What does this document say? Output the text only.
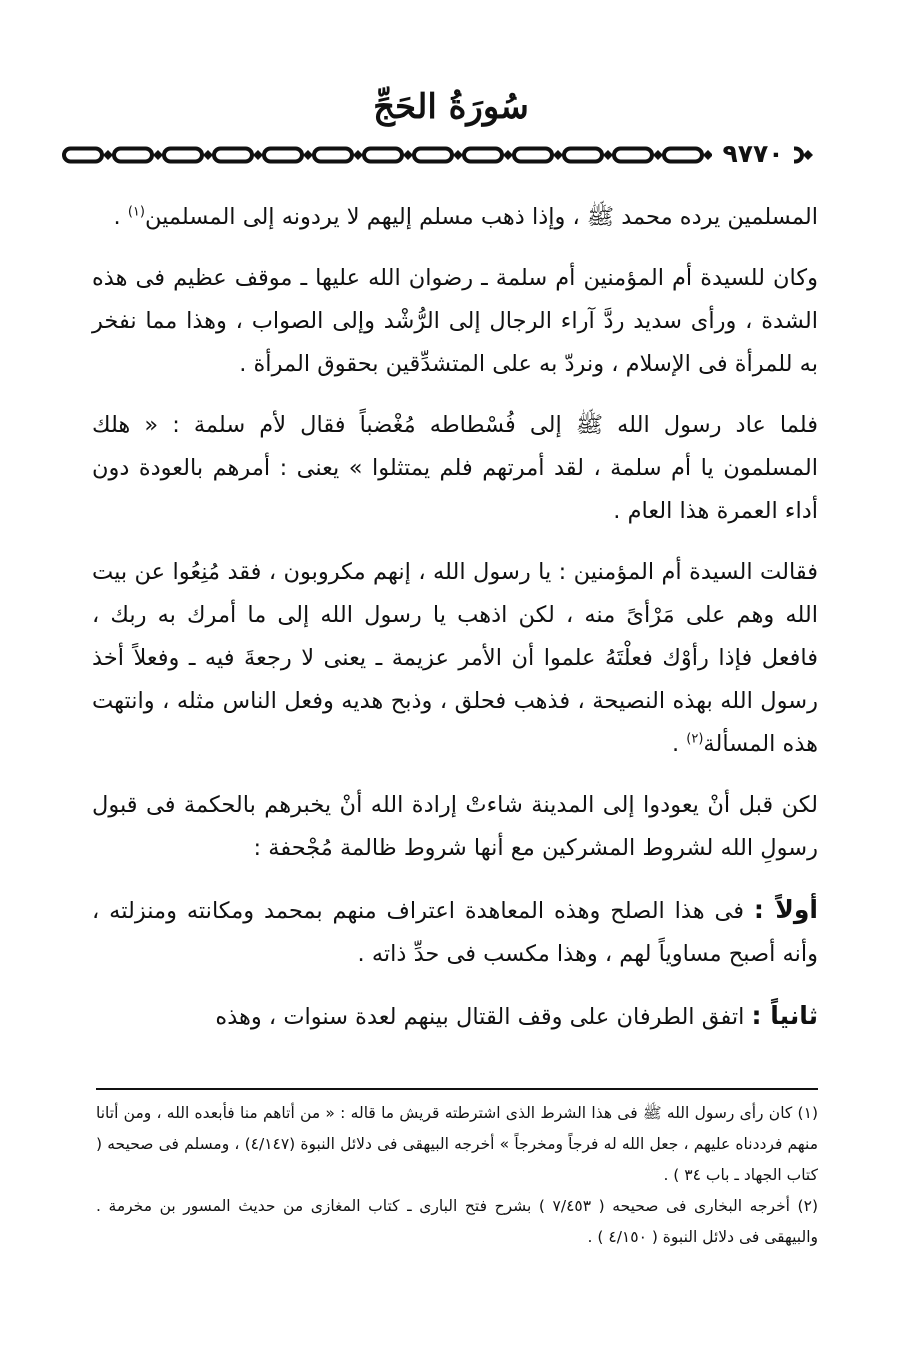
سُورَةُ الحَجِّ
٩٧٧٠

المسلمين يرده محمد ﷺ ، وإذا ذهب مسلم إليهم لا يردونه إلى المسلمين$^{(١)}$ .

وكان للسيدة أم المؤمنين أم سلمة ـ رضوان الله عليها ـ موقف عظيم فى هذه الشدة ، ورأى سديد ردَّ آراء الرجال إلى الرُّشْد وإلى الصواب ، وهذا مما نفخر به للمرأة فى الإسلام ، ونردّ به على المتشدِّقين بحقوق المرأة .

فلما عاد رسول الله ﷺ إلى فُسْطاطه مُغْضباً فقال لأم سلمة : « هلك المسلمون يا أم سلمة ، لقد أمرتهم فلم يمتثلوا » يعنى : أمرهم بالعودة دون أداء العمرة هذا العام .

فقالت السيدة أم المؤمنين : يا رسول الله ، إنهم مكروبون ، فقد مُنِعُوا عن بيت الله وهم على مَرْأىً منه ، لكن اذهب يا رسول الله إلى ما أمرك به ربك ، فافعل فإذا رأوْك فعلْتَهُ علموا أن الأمر عزيمة ـ يعنى لا رجعةَ فيه ـ وفعلاً أخذ رسول الله بهذه النصيحة ، فذهب فحلق ، وذبح هديه وفعل الناس مثله ، وانتهت هذه المسألة$^{(٢)}$ .

لكن قبل أنْ يعودوا إلى المدينة شاءتْ إرادة الله أنْ يخبرهم بالحكمة فى قبول رسولِ الله لشروط المشركين مع أنها شروط ظالمة مُجْحفة :

أولاً : فى هذا الصلح وهذه المعاهدة اعتراف منهم بمحمد ومكانته ومنزلته ، وأنه أصبح مساوياً لهم ، وهذا مكسب فى حدِّ ذاته .

ثانياً : اتفق الطرفان على وقف القتال بينهم لعدة سنوات ، وهذه

(١) كان رأى رسول الله ﷺ فى هذا الشرط الذى اشترطته قريش ما قاله : « من أتاهم منا فأبعده الله ، ومن أتانا منهم فرددناه عليهم ، جعل الله له فرجاً ومخرجاً » أخرجه البيهقى فى دلائل النبوة (٤/١٤٧) ، ومسلم فى صحيحه ( كتاب الجهاد ـ باب ٣٤ ) .

(٢) أخرجه البخارى فى صحيحه ( ٧/٤٥٣ ) بشرح فتح البارى ـ كتاب المغازى من حديث المسور بن مخرمة . والبيهقى فى دلائل النبوة ( ٤/١٥٠ ) .
